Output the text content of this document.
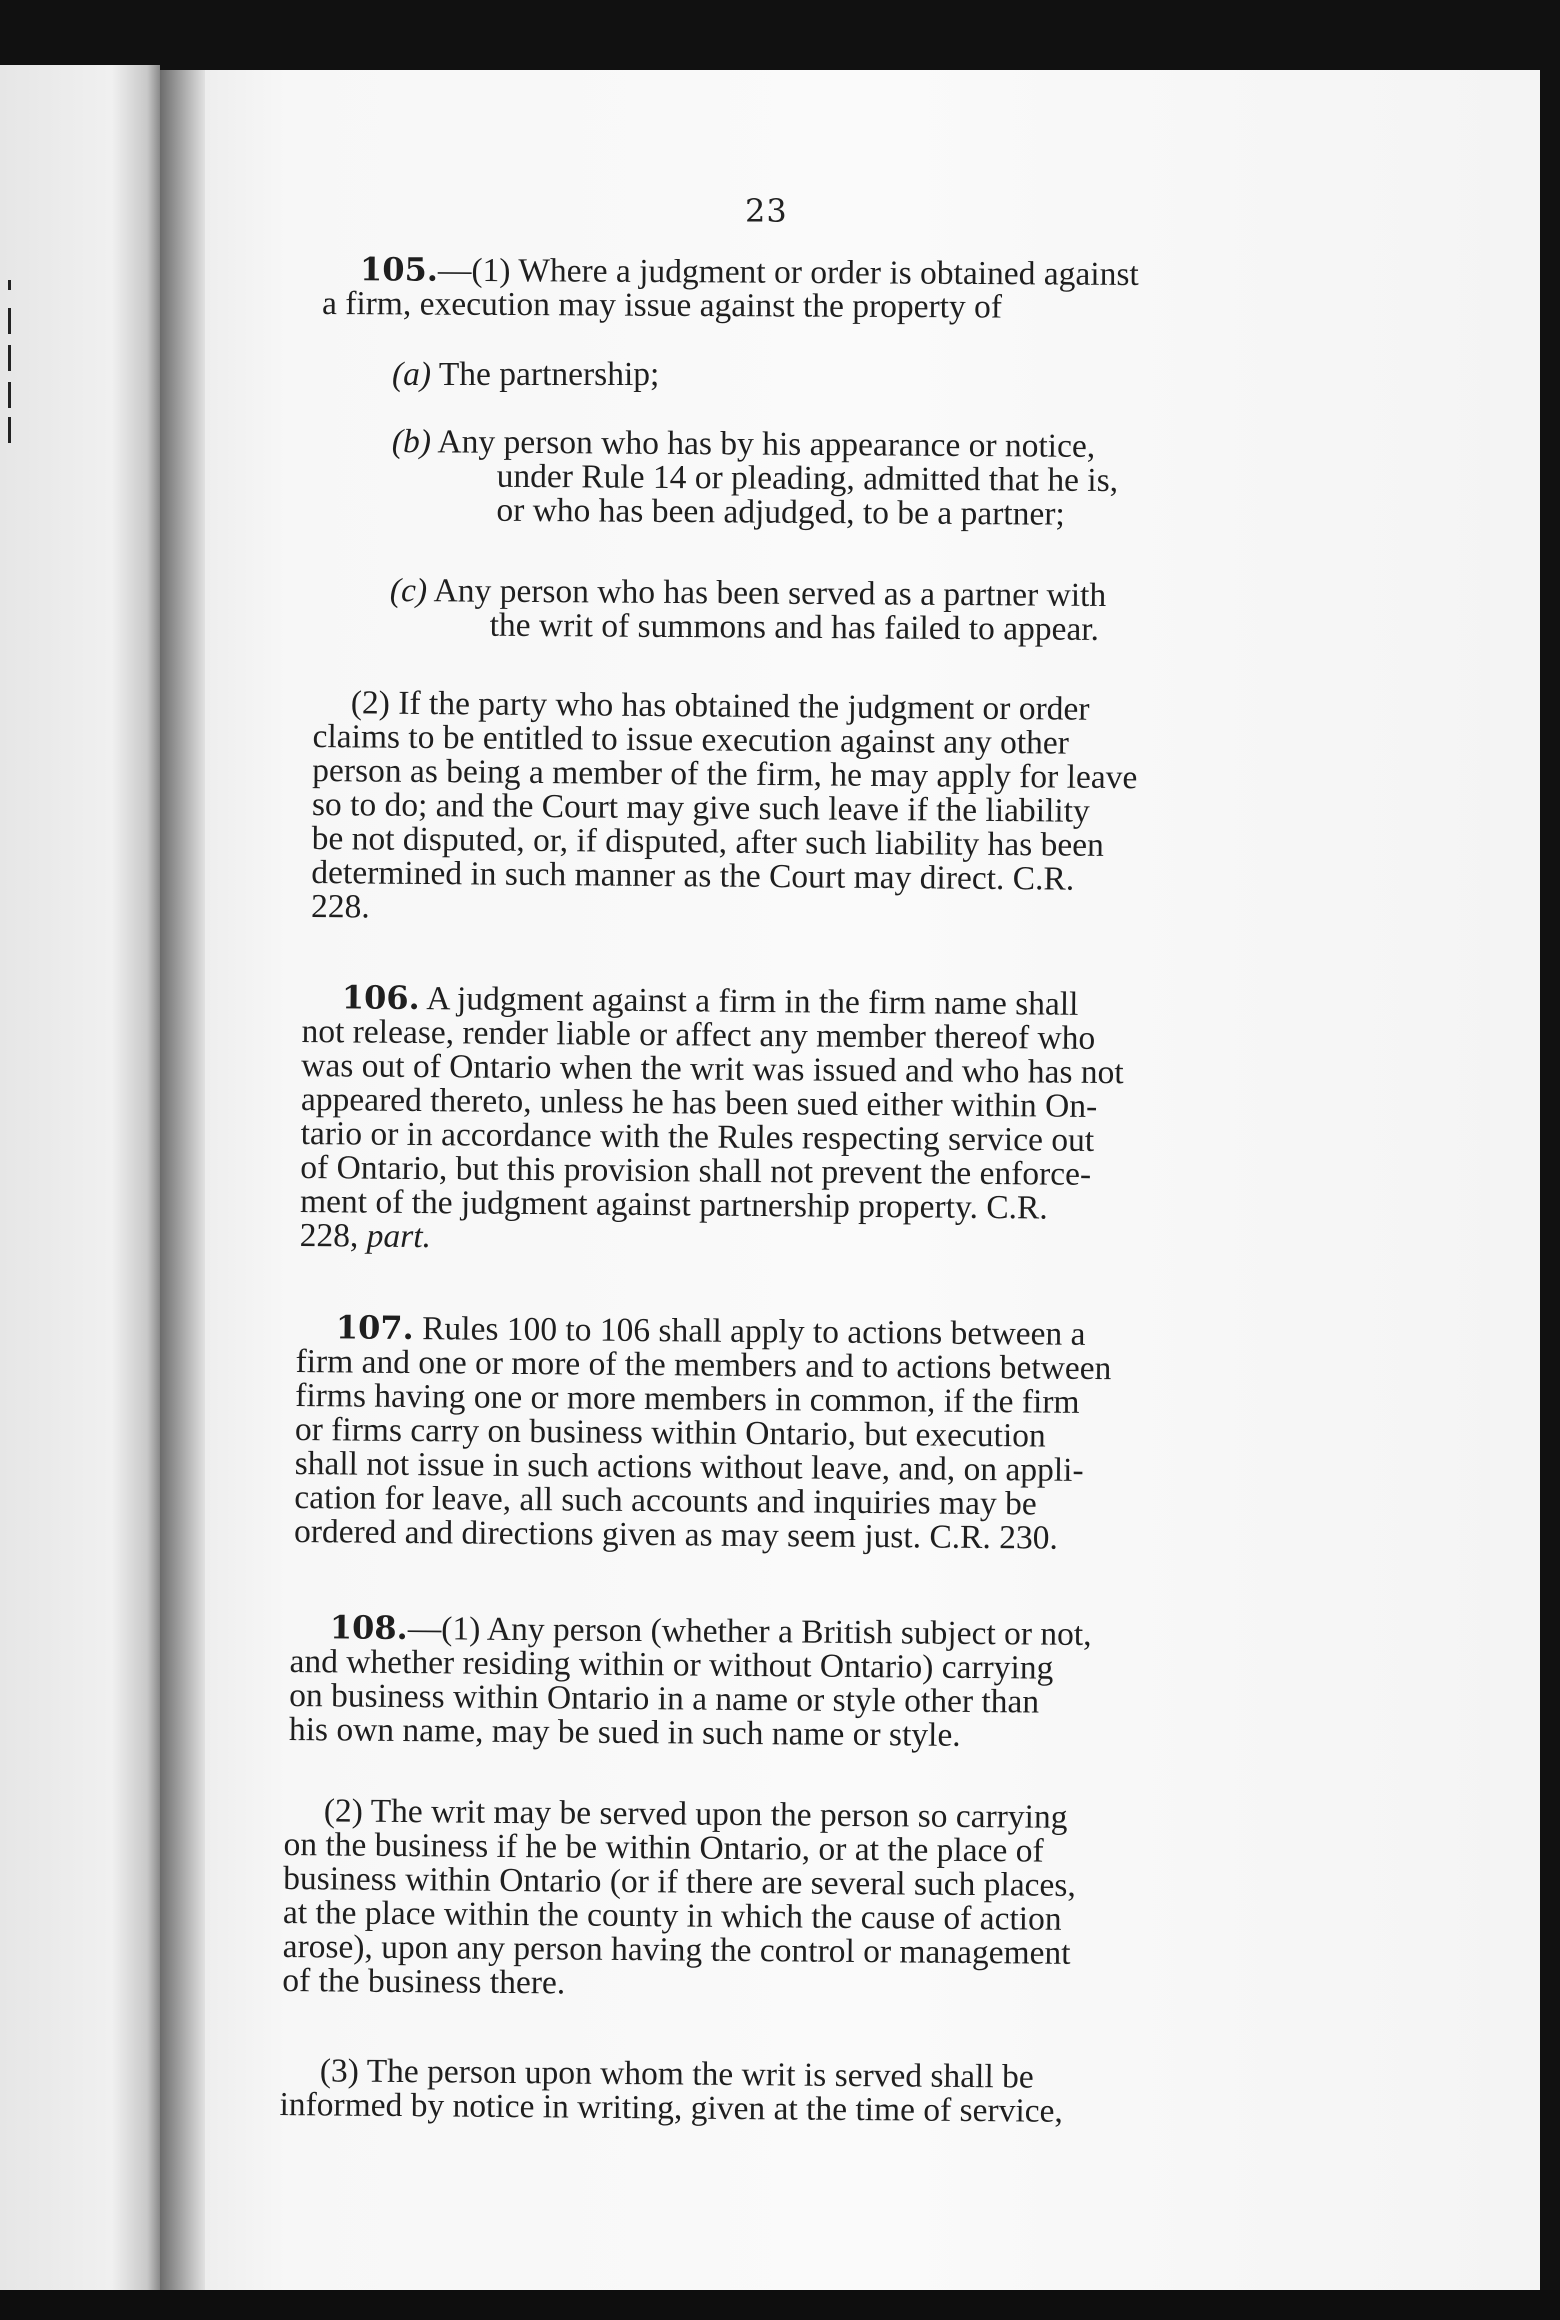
23
105.—(1) Where a judgment or order is obtained against
a firm, execution may issue against the property of
(a) The partnership;
(b) Any person who has by his appearance or notice,
under Rule 14 or pleading, admitted that he is,
or who has been adjudged, to be a partner;
(c) Any person who has been served as a partner with
the writ of summons and has failed to appear.
(2) If the party who has obtained the judgment or order
claims to be entitled to issue execution against any other
person as being a member of the firm, he may apply for leave
so to do; and the Court may give such leave if the liability
be not disputed, or, if disputed, after such liability has been
determined in such manner as the Court may direct. C.R.
228.
106. A judgment against a firm in the firm name shall
not release, render liable or affect any member thereof who
was out of Ontario when the writ was issued and who has not
appeared thereto, unless he has been sued either within On-
tario or in accordance with the Rules respecting service out
of Ontario, but this provision shall not prevent the enforce-
ment of the judgment against partnership property. C.R.
228, part.
107. Rules 100 to 106 shall apply to actions between a
firm and one or more of the members and to actions between
firms having one or more members in common, if the firm
or firms carry on business within Ontario, but execution
shall not issue in such actions without leave, and, on appli-
cation for leave, all such accounts and inquiries may be
ordered and directions given as may seem just. C.R. 230.
108.—(1) Any person (whether a British subject or not,
and whether residing within or without Ontario) carrying
on business within Ontario in a name or style other than
his own name, may be sued in such name or style.
(2) The writ may be served upon the person so carrying
on the business if he be within Ontario, or at the place of
business within Ontario (or if there are several such places,
at the place within the county in which the cause of action
arose), upon any person having the control or management
of the business there.
(3) The person upon whom the writ is served shall be
informed by notice in writing, given at the time of service,
